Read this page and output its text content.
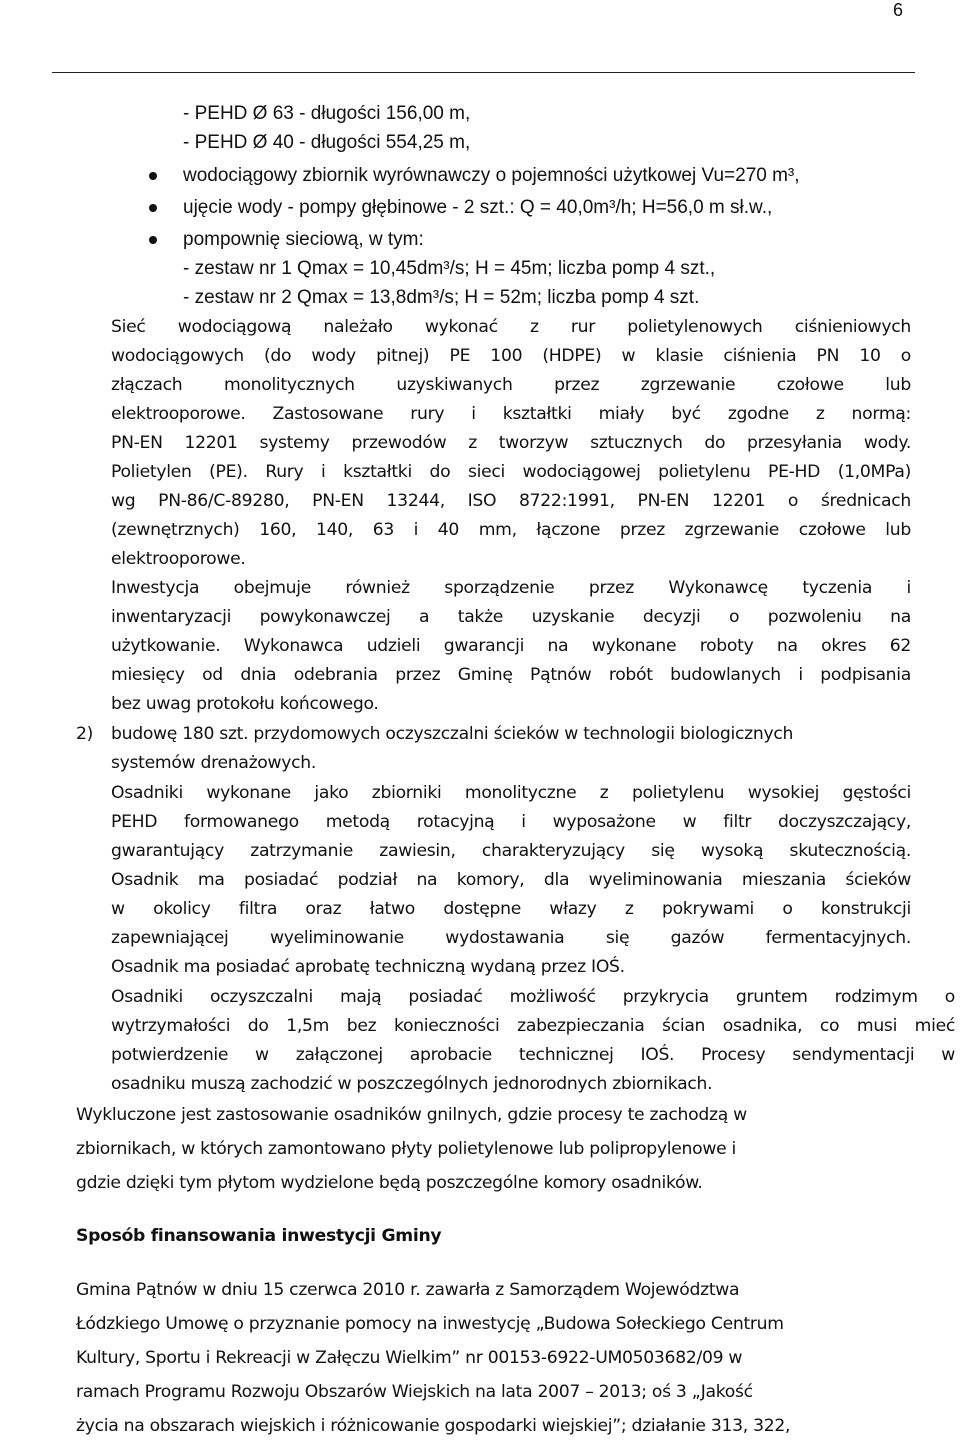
6
- PEHD Ø 63 - długości 156,00 m,
- PEHD Ø 40 - długości 554,25 m,
wodociągowy zbiornik wyrównawczy o pojemności użytkowej Vu=270 m³,
ujęcie wody - pompy głębinowe - 2 szt.: Q = 40,0m³/h; H=56,0 m sł.w.,
pompownię sieciową, w tym:
- zestaw nr 1 Qmax = 10,45dm³/s; H = 45m; liczba pomp 4 szt.,
- zestaw nr 2 Qmax = 13,8dm³/s; H = 52m; liczba pomp 4 szt.
Sieć wodociągową należało wykonać z rur polietylenowych ciśnieniowych
wodociągowych (do wody pitnej) PE 100 (HDPE) w klasie ciśnienia PN 10 o
złączach monolitycznych uzyskiwanych przez zgrzewanie czołowe lub
elektrooporowe. Zastosowane rury i kształtki miały być zgodne z normą:
PN-EN 12201 systemy przewodów z tworzyw sztucznych do przesyłania wody.
Polietylen (PE). Rury i kształtki do sieci wodociągowej polietylenu PE-HD (1,0MPa)
wg PN-86/C-89280, PN-EN 13244, ISO 8722:1991, PN-EN 12201 o średnicach
(zewnętrznych) 160, 140, 63 i 40 mm, łączone przez zgrzewanie czołowe lub
elektrooporowe.
Inwestycja obejmuje również sporządzenie przez Wykonawcę tyczenia i
inwentaryzacji powykonawczej a także uzyskanie decyzji o pozwoleniu na
użytkowanie. Wykonawca udzieli gwarancji na wykonane roboty na okres 62
miesięcy od dnia odebrania przez Gminę Pątnów robót budowlanych i podpisania
bez uwag protokołu końcowego.
2) budowę 180 szt. przydomowych oczyszczalni ścieków w technologii biologicznych
systemów drenażowych.
Osadniki wykonane jako zbiorniki monolityczne z polietylenu wysokiej gęstości
PEHD formowanego metodą rotacyjną i wyposażone w filtr doczyszczający,
gwarantujący zatrzymanie zawiesin, charakteryzujący się wysoką skutecznością.
Osadnik ma posiadać podział na komory, dla wyeliminowania mieszania ścieków
w okolicy filtra oraz łatwo dostępne włazy z pokrywami o konstrukcji
zapewniającej wyeliminowanie wydostawania się gazów fermentacyjnych.
Osadnik ma posiadać aprobatę techniczną wydaną przez IOŚ.
Osadniki oczyszczalni mają posiadać możliwość przykrycia gruntem rodzimym o
wytrzymałości do 1,5m bez konieczności zabezpieczania ścian osadnika, co musi mieć
potwierdzenie w załączonej aprobacie technicznej IOŚ. Procesy sendymentacji w
osadniku muszą zachodzić w poszczególnych jednorodnych zbiornikach.
Wykluczone jest zastosowanie osadników gnilnych, gdzie procesy te zachodzą w
zbiornikach, w których zamontowano płyty polietylenowe lub polipropylenowe i
gdzie dzięki tym płytom wydzielone będą poszczególne komory osadników.
Sposób finansowania inwestycji Gminy
Gmina Pątnów w dniu 15 czerwca 2010 r. zawarła z Samorządem Województwa
Łódzkiego Umowę o przyznanie pomocy na inwestycję „Budowa Sołeckiego Centrum
Kultury, Sportu i Rekreacji w Załęczu Wielkim” nr 00153-6922-UM0503682/09 w
ramach Programu Rozwoju Obszarów Wiejskich na lata 2007 – 2013; oś 3 „Jakość
życia na obszarach wiejskich i różnicowanie gospodarki wiejskiej”; działanie 313, 322,
